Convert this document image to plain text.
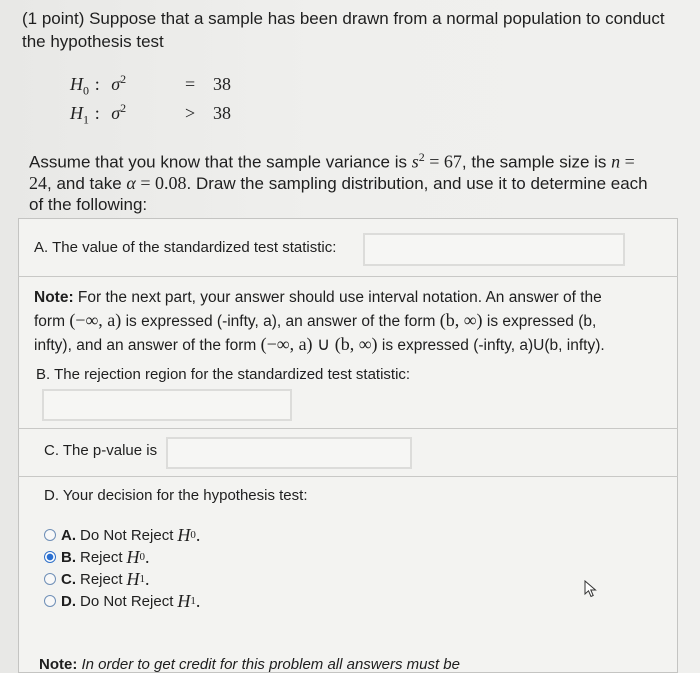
(1 point) Suppose that a sample has been drawn from a normal population to conduct the hypothesis test
$H_0$ : $\sigma^2$	= 38
$H_1$ : $\sigma^2$	> 38
Assume that you know that the sample variance is $s^2 = 67$, the sample size is n = 24, and take α = 0.08. Draw the sampling distribution, and use it to determine each of the following:
A. The value of the standardized test statistic:
Note: For the next part, your answer should use interval notation. An answer of the form (−∞, a) is expressed (-infty, a), an answer of the form (b, ∞) is expressed (b, infty), and an answer of the form (−∞, a) ∪ (b, ∞) is expressed (-infty, a)U(b, infty).
B. The rejection region for the standardized test statistic:
C. The p-value is
D. Your decision for the hypothesis test:
A. Do Not Reject H 0 .
B. Reject H 0 .
C. Reject H 1 .
D. Do Not Reject H 1 .
Note: In order to get credit for this problem all answers must be
